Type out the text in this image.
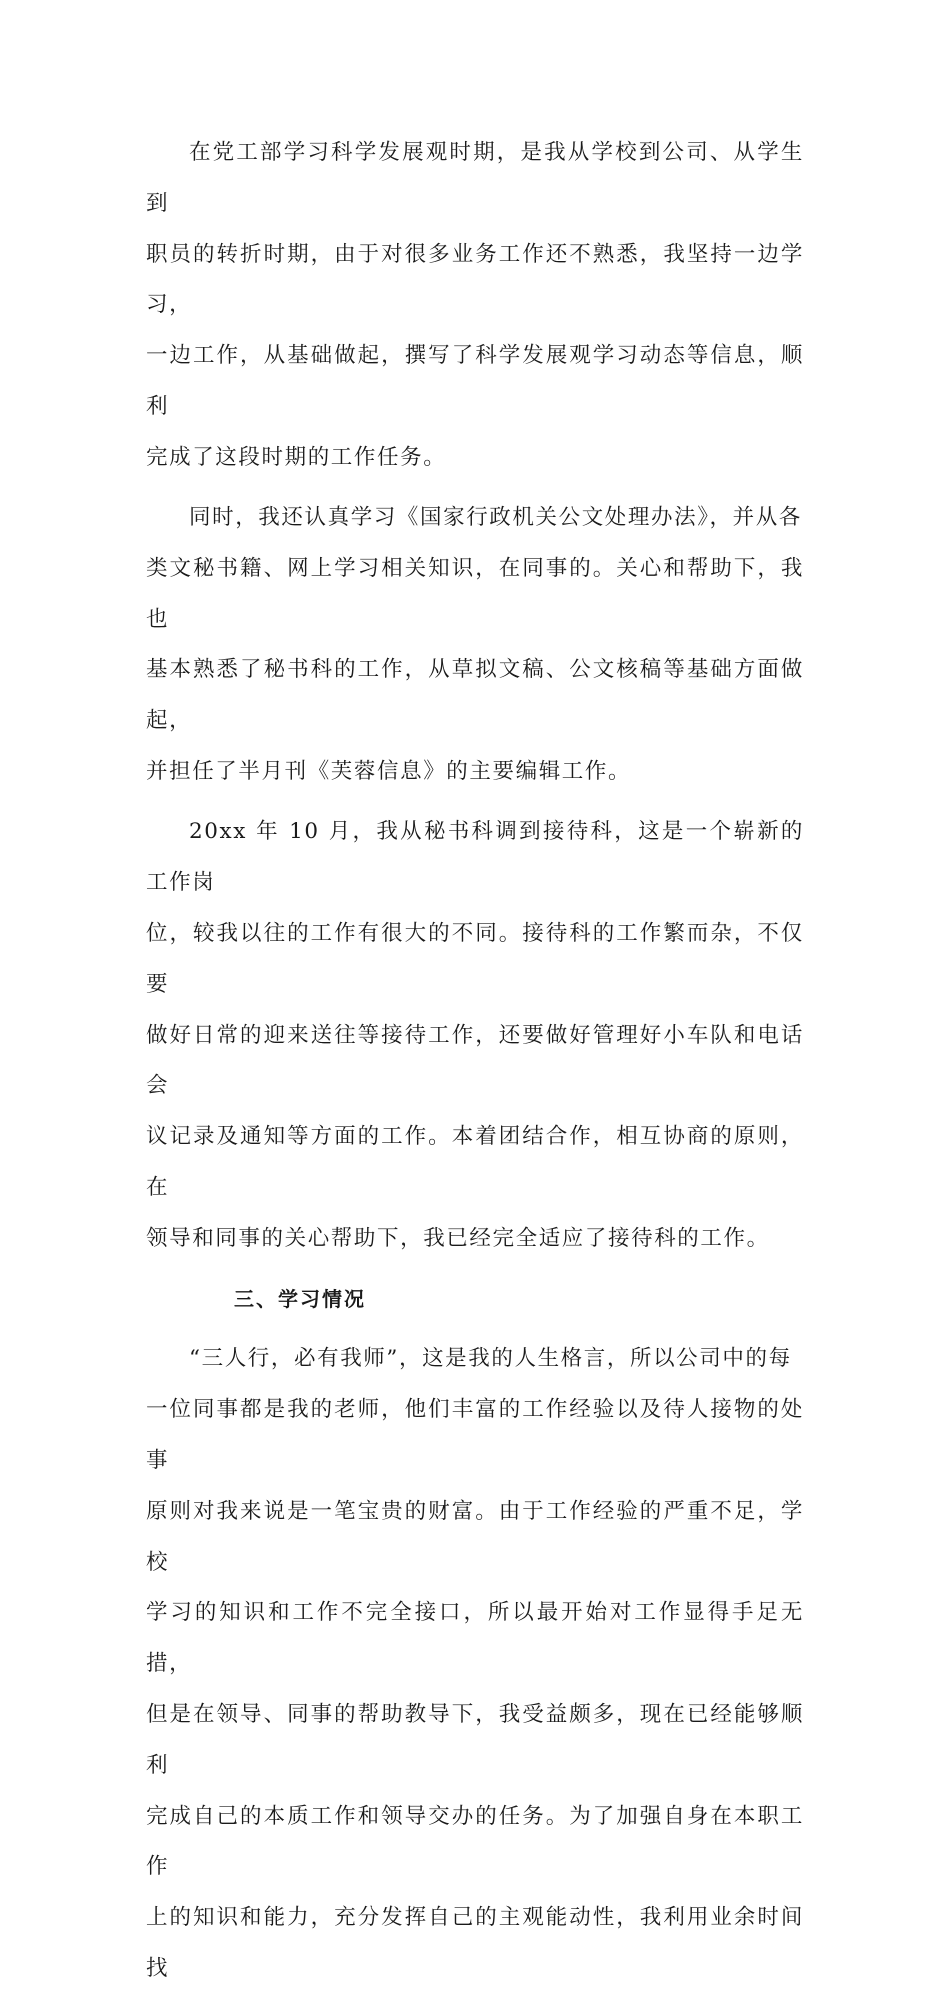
在党工部学习科学发展观时期，是我从学校到公司、从学生到
职员的转折时期，由于对很多业务工作还不熟悉，我坚持一边学习，
一边工作，从基础做起，撰写了科学发展观学习动态等信息，顺利
完成了这段时期的工作任务。

同时，我还认真学习《国家行政机关公文处理办法》，并从各
类文秘书籍、网上学习相关知识，在同事的。关心和帮助下，我也
基本熟悉了秘书科的工作，从草拟文稿、公文核稿等基础方面做起，
并担任了半月刊《芙蓉信息》的主要编辑工作。

20xx 年 10 月，我从秘书科调到接待科，这是一个崭新的工作岗
位，较我以往的工作有很大的不同。接待科的工作繁而杂，不仅要
做好日常的迎来送往等接待工作，还要做好管理好小车队和电话会
议记录及通知等方面的工作。本着团结合作，相互协商的原则，在
领导和同事的关心帮助下，我已经完全适应了接待科的工作。

三、学习情况

“三人行，必有我师”，这是我的人生格言，所以公司中的每
一位同事都是我的老师，他们丰富的工作经验以及待人接物的处事
原则对我来说是一笔宝贵的财富。由于工作经验的严重不足，学校
学习的知识和工作不完全接口，所以最开始对工作显得手足无措，
但是在领导、同事的帮助教导下，我受益颇多，现在已经能够顺利
完成自己的本质工作和领导交办的任务。为了加强自身在本职工作
上的知识和能力，充分发挥自己的主观能动性，我利用业余时间找
